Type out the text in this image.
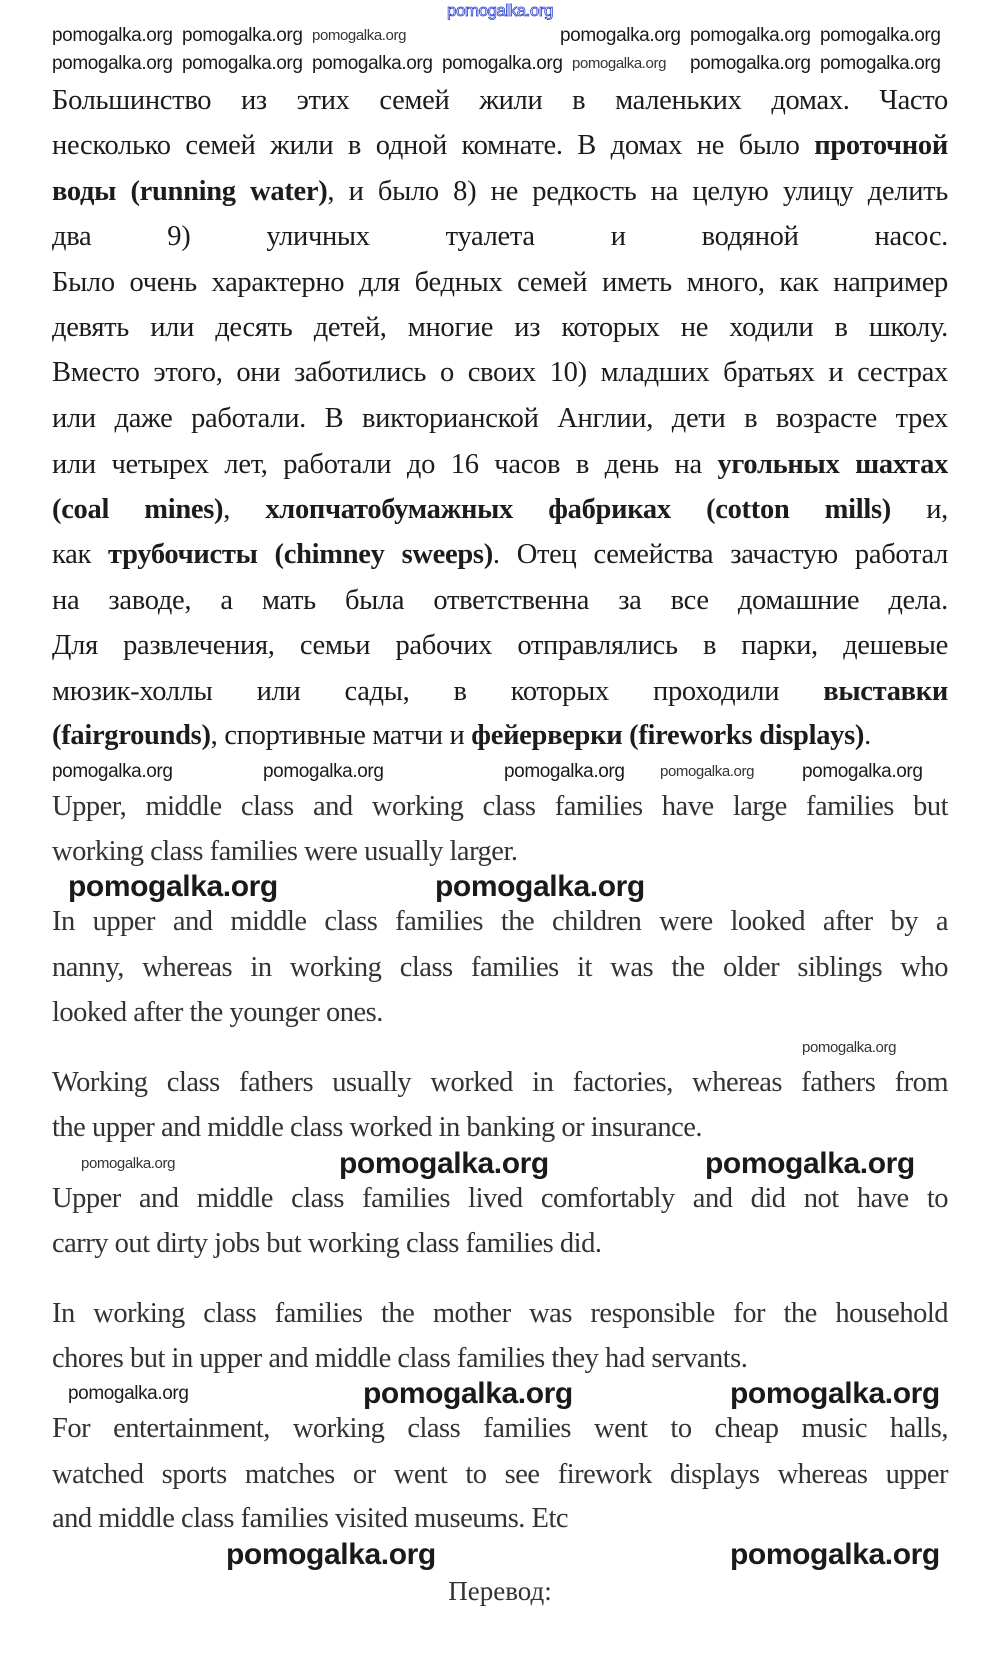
Большинство из этих семей жили в маленьких домах. Часто
несколько семей жили в одной комнате. В домах не было проточной
воды (running water), и было 8) не редкость на целую улицу делить
два 9) уличных туалета и водяной насос.
Было очень характерно для бедных семей иметь много, как например
девять или десять детей, многие из которых не ходили в школу.
Вместо этого, они заботились о своих 10) младших братьях и сестрах
или даже работали. В викторианской Англии, дети в возрасте трех
или четырех лет, работали до 16 часов в день на угольных шахтах
(coal mines), хлопчатобумажных фабриках (cotton mills) и,
как трубочисты (chimney sweeps). Отец семейства зачастую работал
на заводе, а мать была ответственна за все домашние дела.
Для развлечения, семьи рабочих отправлялись в парки, дешевые
мюзик-холлы или сады, в которых проходили выставки
(fairgrounds), спортивные матчи и фейерверки (fireworks displays).
Upper, middle class and working class families have large families but
working class families were usually larger.
In upper and middle class families the children were looked after by a
nanny, whereas in working class families it was the older siblings who
looked after the younger ones.
Working class fathers usually worked in factories, whereas fathers from
the upper and middle class worked in banking or insurance.
Upper and middle class families lived comfortably and did not have to
carry out dirty jobs but working class families did.
In working class families the mother was responsible for the household
chores but in upper and middle class families they had servants.
For entertainment, working class families went to cheap music halls,
watched sports matches or went to see firework displays whereas upper
and middle class families visited museums. Etc
Перевод:
pomogalka.org
pomogalka.org pomogalka.org pomogalka.org	pomogalka.org pomogalka.org pomogalka.org
pomogalka.org pomogalka.org pomogalka.org pomogalka.org pomogalka.org pomogalka.org pomogalka.org
pomogalka.org	pomogalka.org	pomogalka.org pomogalka.org	pomogalka.org
pomogalka.org	pomogalka.org
pomogalka.org
pomogalka.org	pomogalka.org
pomogalka.org
pomogalka.org	pomogalka.org	pomogalka.org
pomogalka.org	pomogalka.org
